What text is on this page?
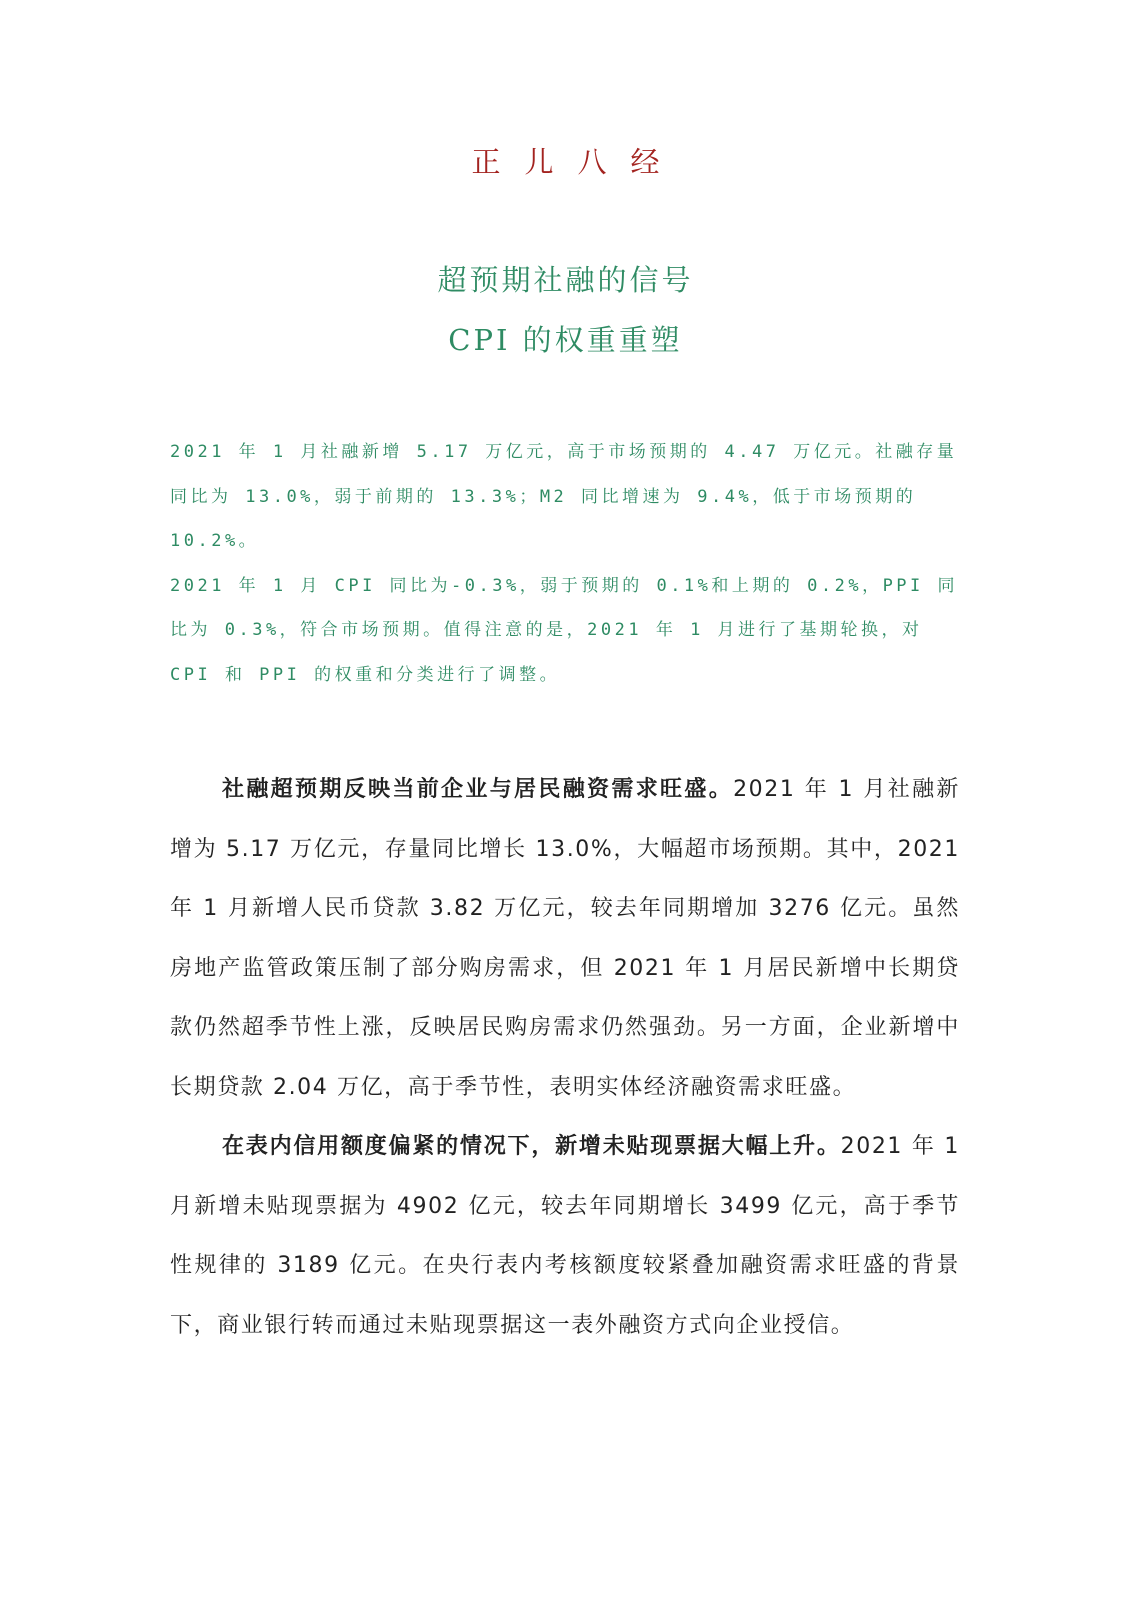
正儿八经
超预期社融的信号
CPI 的权重重塑

2021 年 1 月社融新增 5.17 万亿元，高于市场预期的 4.47 万亿元。社融存量同比为 13.0%，弱于前期的 13.3%；M2 同比增速为 9.4%，低于市场预期的 10.2%。

2021 年 1 月 CPI 同比为-0.3%，弱于预期的 0.1%和上期的 0.2%，PPI 同比为 0.3%，符合市场预期。值得注意的是，2021 年 1 月进行了基期轮换，对 CPI 和 PPI 的权重和分类进行了调整。

社融超预期反映当前企业与居民融资需求旺盛。2021 年 1 月社融新增为 5.17 万亿元，存量同比增长 13.0%，大幅超市场预期。其中，2021 年 1 月新增人民币贷款 3.82 万亿元，较去年同期增加 3276 亿元。虽然房地产监管政策压制了部分购房需求，但 2021 年 1 月居民新增中长期贷款仍然超季节性上涨，反映居民购房需求仍然强劲。另一方面，企业新增中长期贷款 2.04 万亿，高于季节性，表明实体经济融资需求旺盛。

在表内信用额度偏紧的情况下，新增未贴现票据大幅上升。2021 年 1 月新增未贴现票据为 4902 亿元，较去年同期增长 3499 亿元，高于季节性规律的 3189 亿元。在央行表内考核额度较紧叠加融资需求旺盛的背景下，商业银行转而通过未贴现票据这一表外融资方式向企业授信。
